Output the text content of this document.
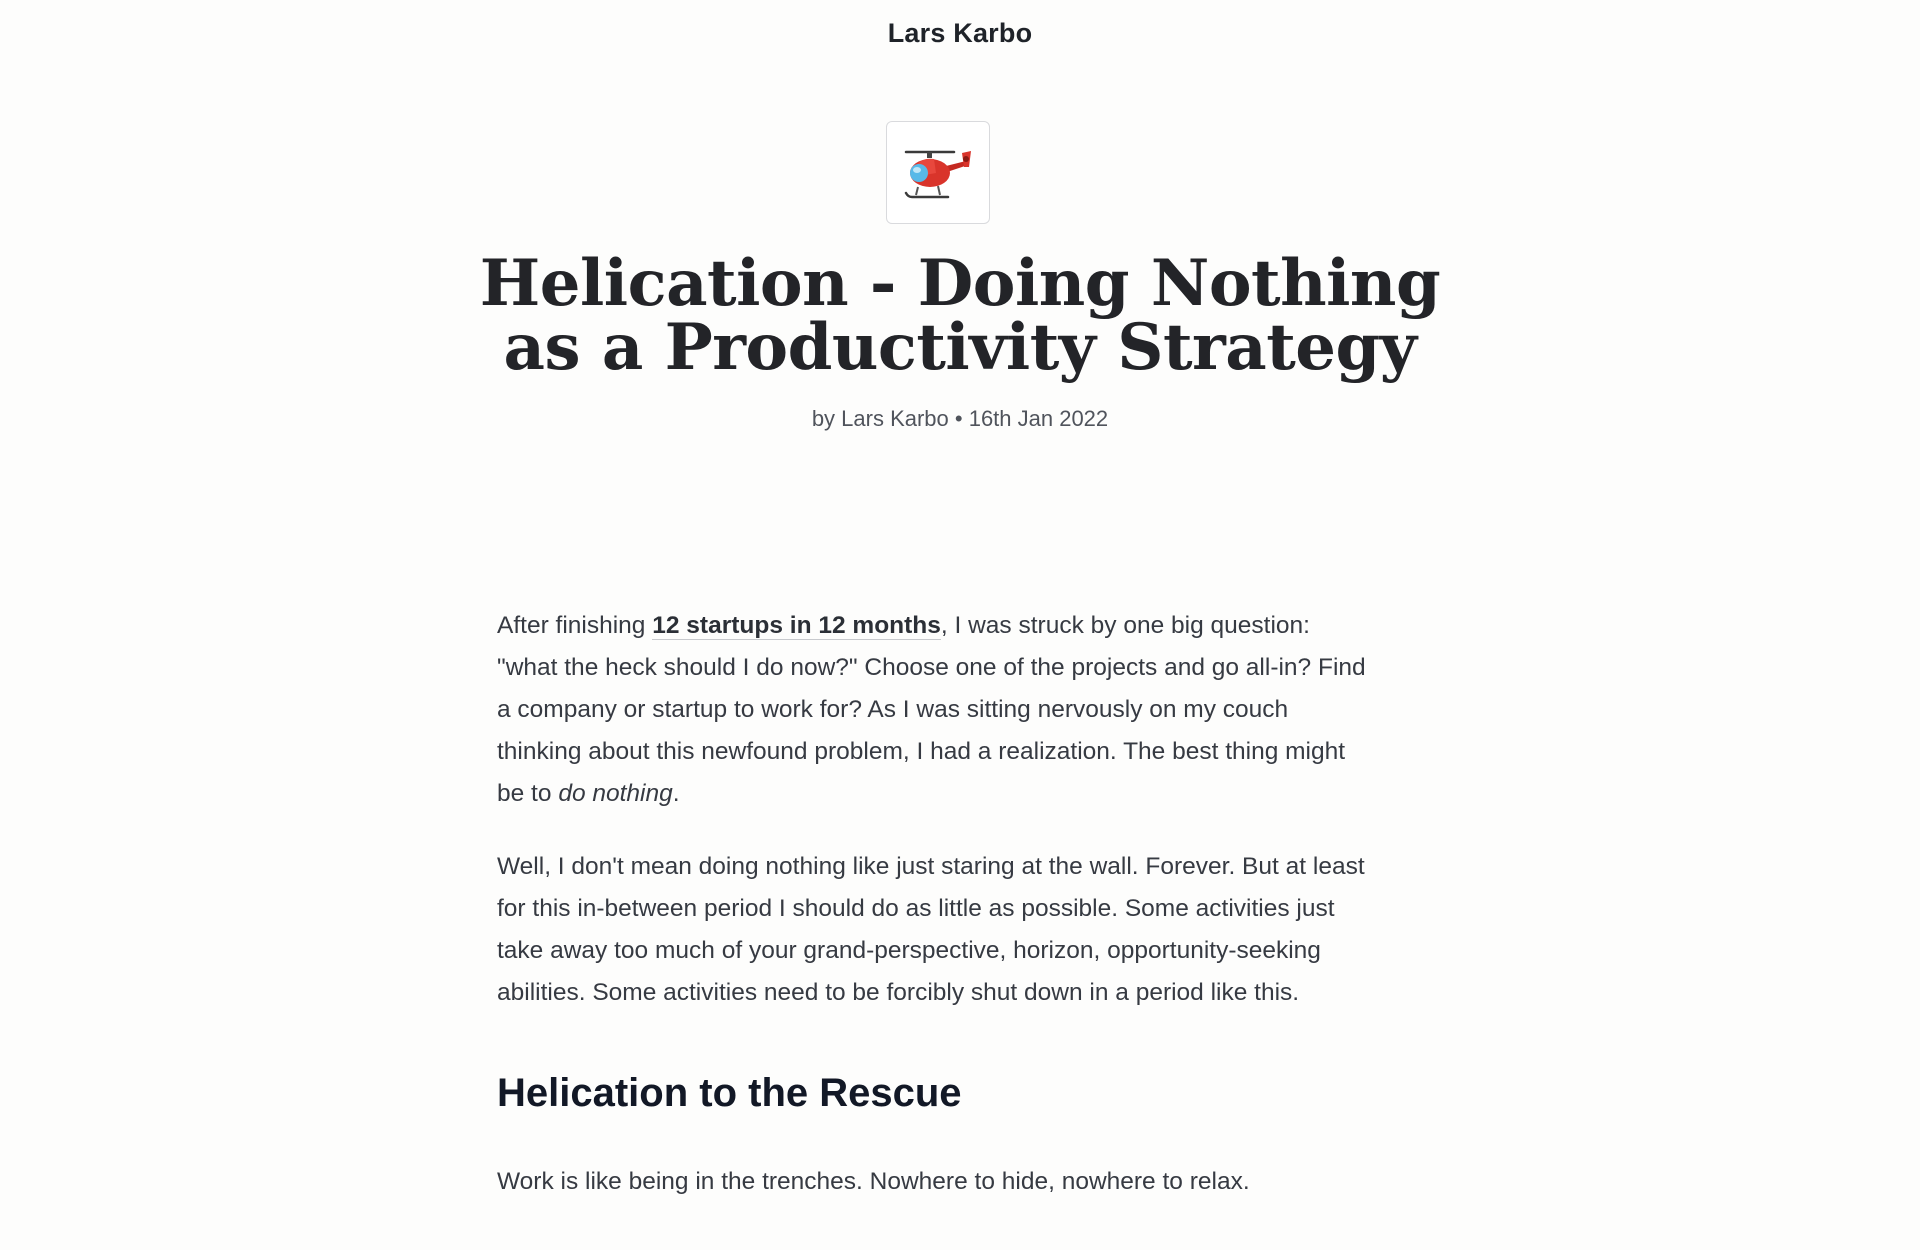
Lars Karbo
Helication - Doing Nothing as a Productivity Strategy
by Lars Karbo • 16th Jan 2022

After finishing 12 startups in 12 months, I was struck by one big question: "what the heck should I do now?" Choose one of the projects and go all-in? Find a company or startup to work for? As I was sitting nervously on my couch thinking about this newfound problem, I had a realization. The best thing might be to do nothing.

Well, I don't mean doing nothing like just staring at the wall. Forever. But at least for this in-between period I should do as little as possible. Some activities just take away too much of your grand-perspective, horizon, opportunity-seeking abilities. Some activities need to be forcibly shut down in a period like this.

Helication to the Rescue

Work is like being in the trenches. Nowhere to hide, nowhere to relax.
